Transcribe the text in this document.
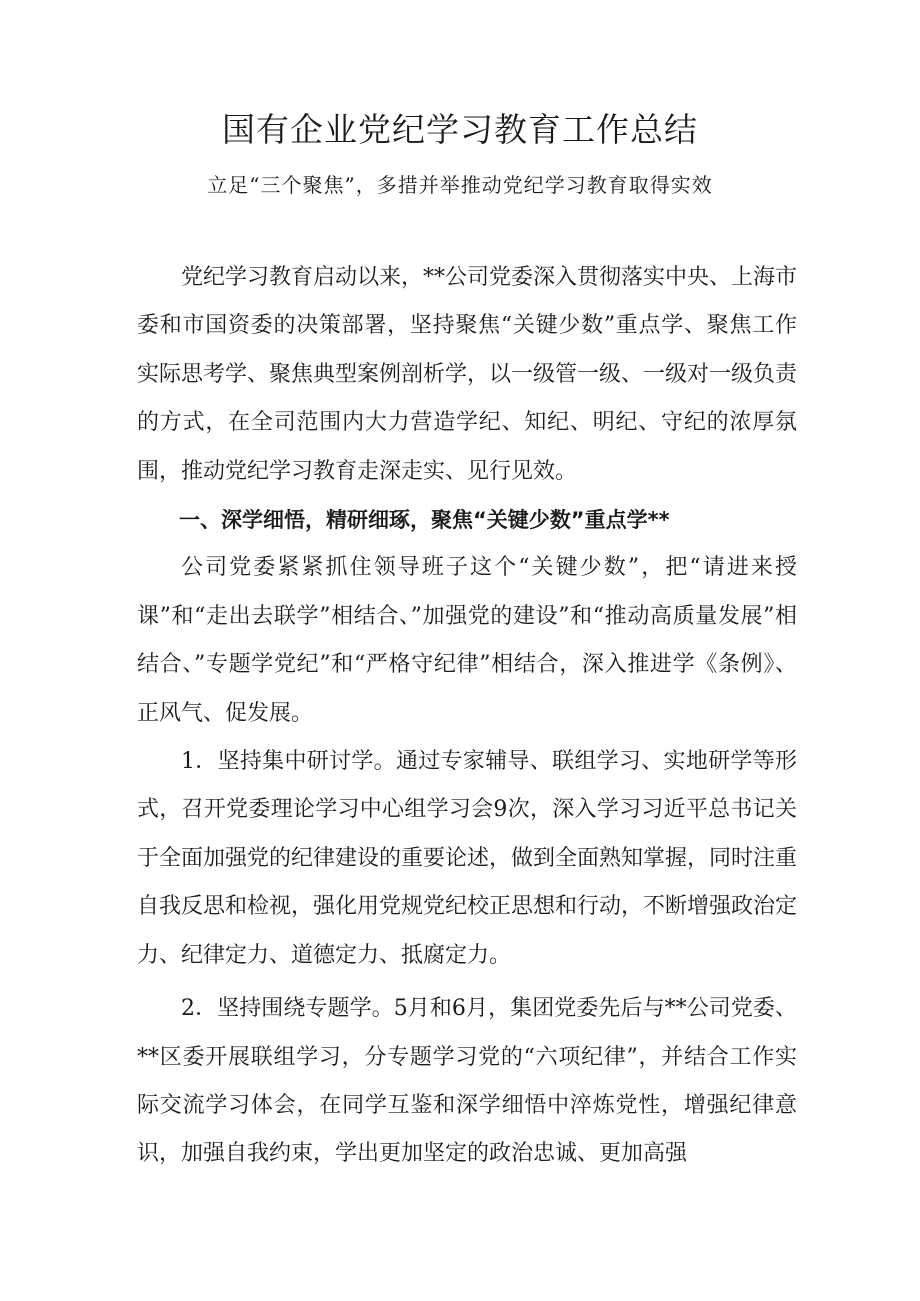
国有企业党纪学习教育工作总结
立足“三个聚焦”，多措并举推动党纪学习教育取得实效

党纪学习教育启动以来，**公司党委深入贯彻落实中央、上海市委和市国资委的决策部署，坚持聚焦“关键少数”重点学、聚焦工作实际思考学、聚焦典型案例剖析学，以一级管一级、一级对一级负责的方式，在全司范围内大力营造学纪、知纪、明纪、守纪的浓厚氛围，推动党纪学习教育走深走实、见行见效。

一、深学细悟，精研细琢，聚焦“关键少数”重点学**

公司党委紧紧抓住领导班子这个“关键少数”，把“请进来授课”和“走出去联学”相结合、”加强党的建设”和“推动高质量发展”相结合、”专题学党纪”和“严格守纪律”相结合，深入推进学《条例》、正风气、促发展。

1．坚持集中研讨学。通过专家辅导、联组学习、实地研学等形式，召开党委理论学习中心组学习会9次，深入学习习近平总书记关于全面加强党的纪律建设的重要论述，做到全面熟知掌握，同时注重自我反思和检视，强化用党规党纪校正思想和行动，不断增强政治定力、纪律定力、道德定力、抵腐定力。

2．坚持围绕专题学。5月和6月，集团党委先后与**公司党委、**区委开展联组学习，分专题学习党的“六项纪律”，并结合工作实际交流学习体会，在同学互鉴和深学细悟中淬炼党性，增强纪律意识，加强自我约束，学出更加坚定的政治忠诚、更加高强
